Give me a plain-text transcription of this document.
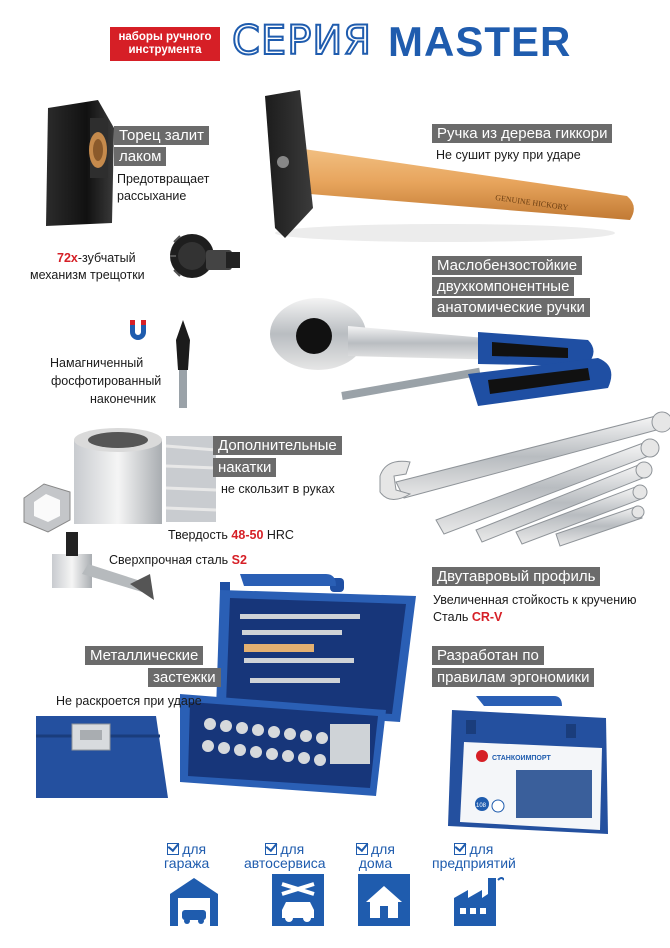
наборы ручного
инструмента СЕРИЯ MASTER
Торец залит
лаком
Предотвращает
рассыхание	GENUINE HICKORY
Ручка из дерева гиккори
Не сушит руку при ударе
72х-зубчатый
механизм трещотки
Намагниченный
фосфотированный
наконечник
Маслобензостойкие
двухкомпонентные
анатомические ручки
Дополнительные
накатки
не скользит в руках
Твердость 48-50 HRC
Сверхпрочная сталь S2
Двутавровый профиль
Увеличенная стойкость к кручению
Сталь CR-V
Металлические
застежки
Не раскроется при ударе
СТАНКОИМПОРТ
108
Разработан по
правилам эргономики
для
гаража
для
автосервиса
для
дома
для
предприятий
